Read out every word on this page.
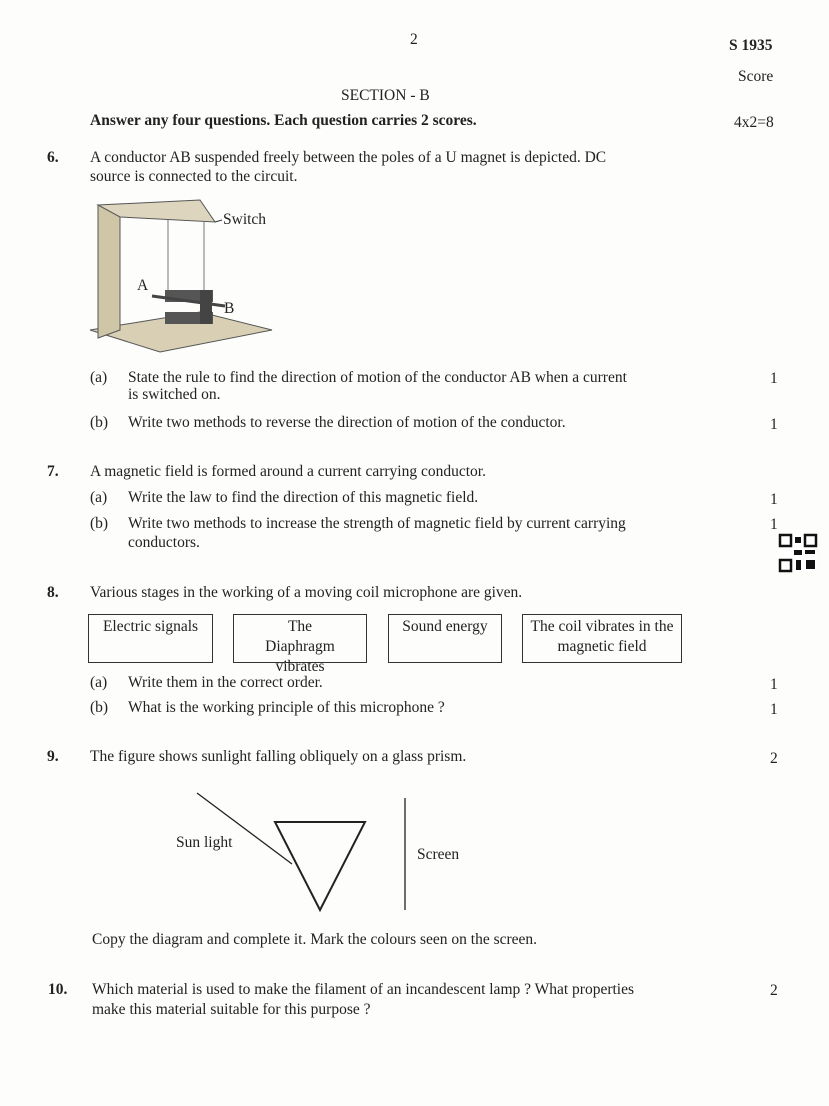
2	S 1935
Score
SECTION - B
Answer any four questions. Each question carries 2 scores.	4x2=8
6. A conductor AB suspended freely between the poles of a U magnet is depicted. DC
source is connected to the circuit.
Switch
A
B
(a) State the rule to find the direction of motion of the conductor AB when a current
is switched on.
1
(b) Write two methods to reverse the direction of motion of the conductor.	1
7. A magnetic field is formed around a current carrying conductor.
(a) Write the law to find the direction of this magnetic field.	1
(b) Write two methods to increase the strength of magnetic field by current carrying
conductors.
1
8. Various stages in the working of a moving coil microphone are given.
Electric signals	The Diaphragm vibrates
Sound energy	The coil vibrates in the magnetic field
(a) Write them in the correct order.	1
(b) What is the working principle of this microphone ?	1
9. The figure shows sunlight falling obliquely on a glass prism.	2
Sun light
Screen
Copy the diagram and complete it. Mark the colours seen on the screen.
10. Which material is used to make the filament of an incandescent lamp ? What properties
make this material suitable for this purpose ?
2
